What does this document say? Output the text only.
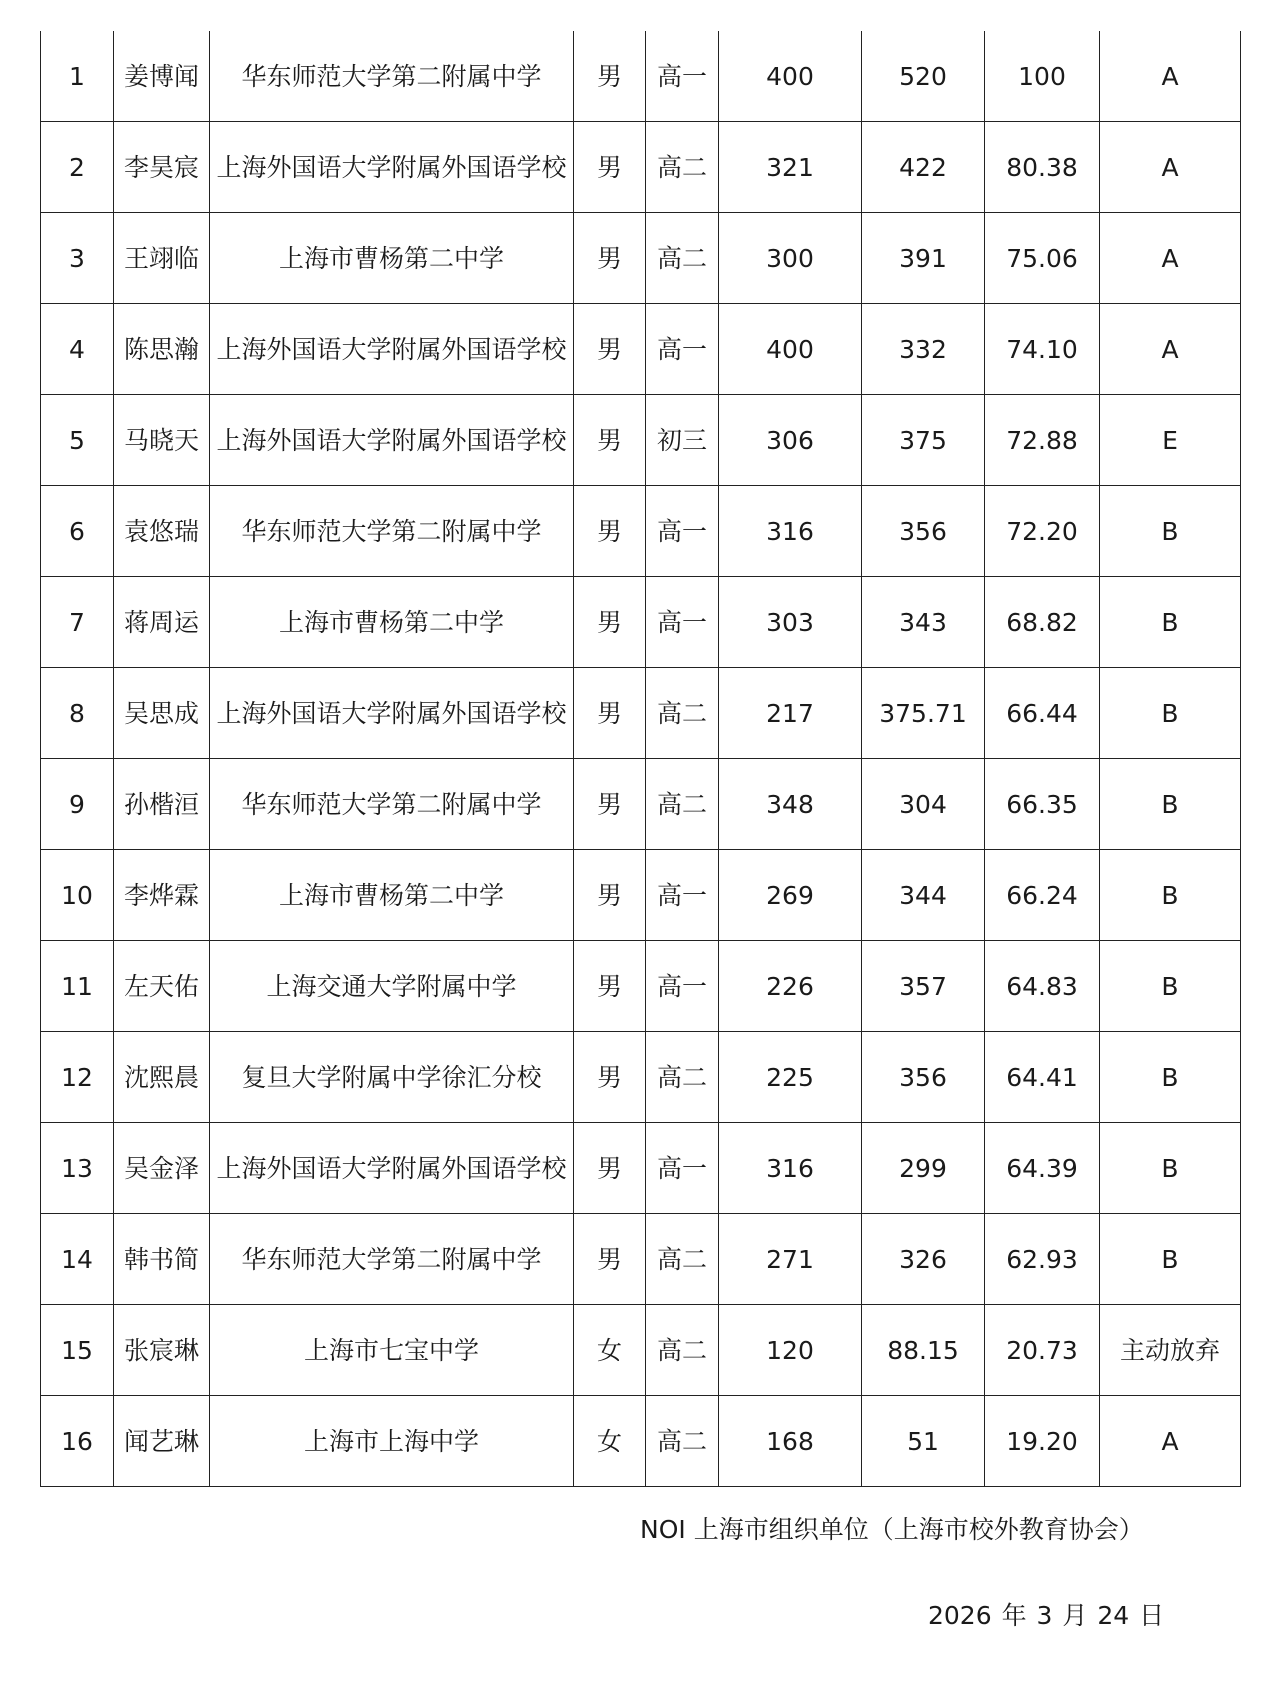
1	姜博闻	华东师范大学第二附属中学	男	高一	400	520	100	A
2	李昊宸	上海外国语大学附属外国语学校	男	高二	321	422	80.38	A
3	王翊临	上海市曹杨第二中学	男	高二	300	391	75.06	A
4	陈思瀚	上海外国语大学附属外国语学校	男	高一	400	332	74.10	A
5	马晓天	上海外国语大学附属外国语学校	男	初三	306	375	72.88	E
6	袁悠瑞	华东师范大学第二附属中学	男	高一	316	356	72.20	B
7	蒋周运	上海市曹杨第二中学	男	高一	303	343	68.82	B
8	吴思成	上海外国语大学附属外国语学校	男	高二	217	375.71	66.44	B
9	孙楷洹	华东师范大学第二附属中学	男	高二	348	304	66.35	B
10	李烨霖	上海市曹杨第二中学	男	高一	269	344	66.24	B
11	左天佑	上海交通大学附属中学	男	高一	226	357	64.83	B
12	沈熙晨	复旦大学附属中学徐汇分校	男	高二	225	356	64.41	B
13	吴金泽	上海外国语大学附属外国语学校	男	高一	316	299	64.39	B
14	韩书简	华东师范大学第二附属中学	男	高二	271	326	62.93	B
15	张宸琳	上海市七宝中学	女	高二	120	88.15	20.73	主动放弃
16	闻艺琳	上海市上海中学	女	高二	168	51	19.20	A
NOI 上海市组织单位（上海市校外教育协会）
2026 年 3 月 24 日
